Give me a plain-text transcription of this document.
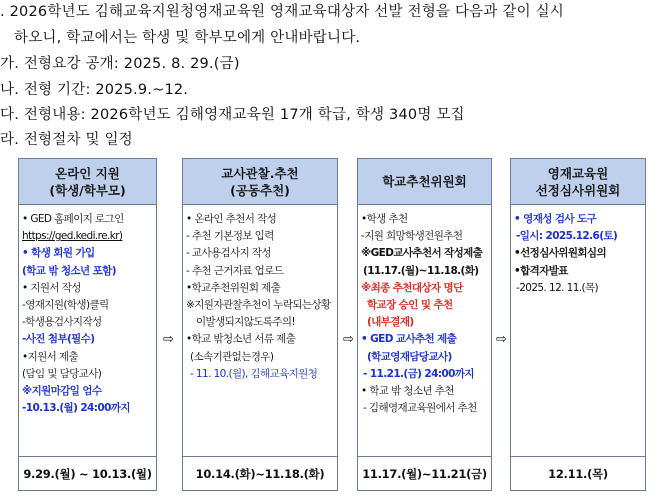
. 2026학년도 김해교육지원청영재교육원 영재교육대상자 선발 전형을 다음과 같이 실시
하오니, 학교에서는 학생 및 학부모에게 안내바랍니다.
가. 전형요강 공개: 2025. 8. 29.(금)
나. 전형 기간: 2025.9.~12.
다. 전형내용: 2026학년도 김해영재교육원 17개 학급, 학생 340명 모집
라. 전형절차 및 일정
온라인 지원
(학생/학부모)
• GED 홈페이지 로그인
https://ged.kedi.re.kr)
• 학생 회원 가입
(학교 밖 청소년 포함)
• 지원서 작성
-영재지원(학생)클릭
-학생용검사지작성
-사진 첨부(필수)
•지원서 제출
(담임 및 담당교사)
※지원마감일 엄수
-10.13.(월) 24:00까지
9.29.(월) ~ 10.13.(월)
⇨
교사관찰.추천
(공동추천)
• 온라인 추천서 작성
- 추천 기본정보 입력
- 교사용검사지 작성
- 추천 근거자료 업로드
•학교추천위원회 제출
※지원자관찰추천이 누락되는상황
이발생되지않도록주의!
•학교 밖청소년 서류 제출
(소속기관없는경우)
- 11. 10.(월), 김해교육지원청
10.14.(화)~11.18.(화)
⇨
학교추천위원회
•학생 추천
-지원 희망학생전원추천
※GED교사추천서 작성제출
(11.17.(월)~11.18.(화)
※최종 추천대상자 명단
학교장 승인 및 추천
(내부결재)
• GED 교사추천 제출
(학교영재담당교사)
- 11.21.(금) 24:00까지
• 학교 밖 청소년 추천
- 김해영재교육원에서 추천
11.17.(월)~11.21(금)
⇨
영재교육원
선정심사위원회
• 영재성 검사 도구
-일시: 2025.12.6(토)
•선정심사위원회심의
•합격자발표
-2025. 12. 11.(목)
12.11.(목)
